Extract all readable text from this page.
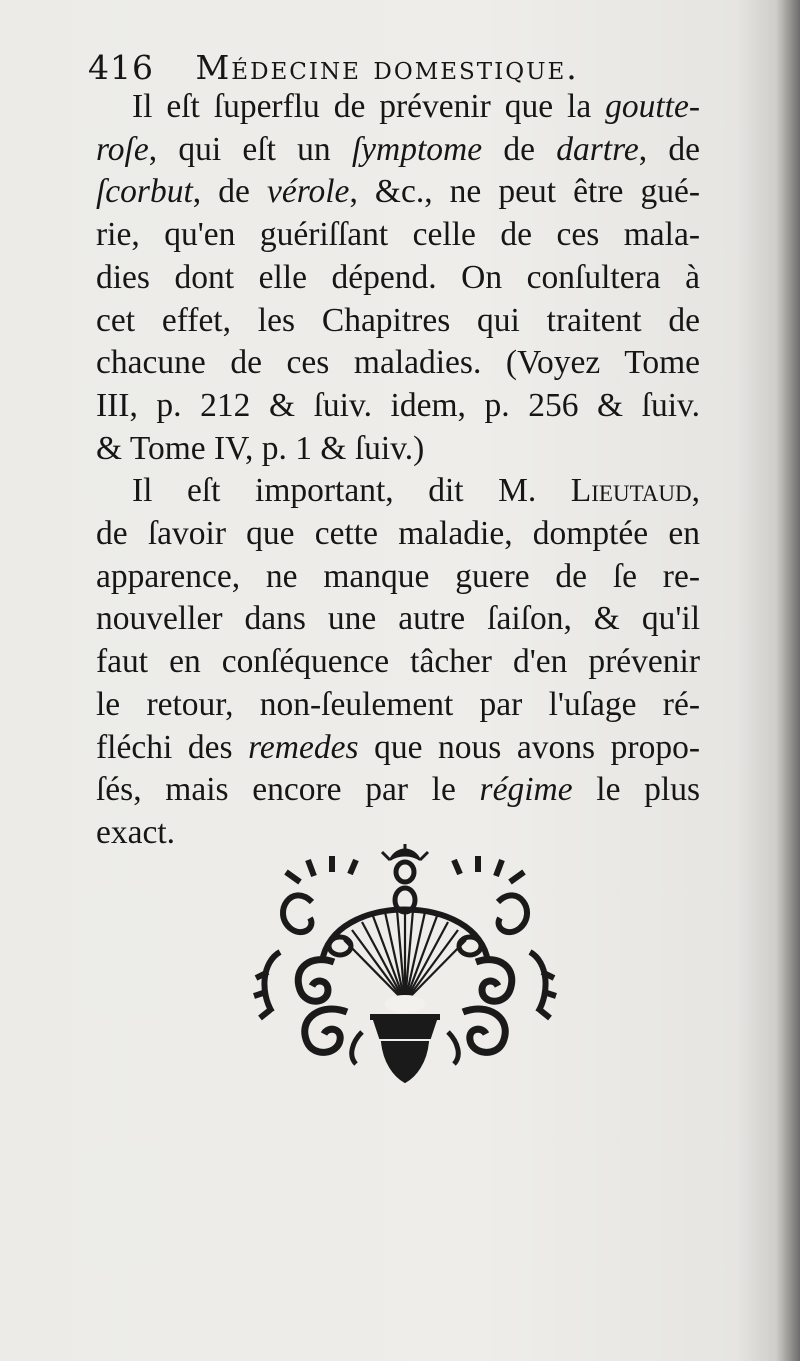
416 Médecine domestique.
Il eſt ſuperflu de prévenir que la goutte-
roſe, qui eſt un ſymptome de dartre, de
ſcorbut, de vérole, &c., ne peut être gué-
rie, qu'en guériſſant celle de ces mala-
dies dont elle dépend. On conſultera à
cet effet, les Chapitres qui traitent de
chacune de ces maladies. (Voyez Tome
III, p. 212 & ſuiv. idem, p. 256 & ſuiv.
& Tome IV, p. 1 & ſuiv.)
Il eſt important, dit M. Lieutaud,
de ſavoir que cette maladie, domptée en
apparence, ne manque guere de ſe re-
nouveller dans une autre ſaiſon, & qu'il
faut en conſéquence tâcher d'en prévenir
le retour, non-ſeulement par l'uſage ré-
fléchi des remedes que nous avons propo-
ſés, mais encore par le régime le plus
exact.
